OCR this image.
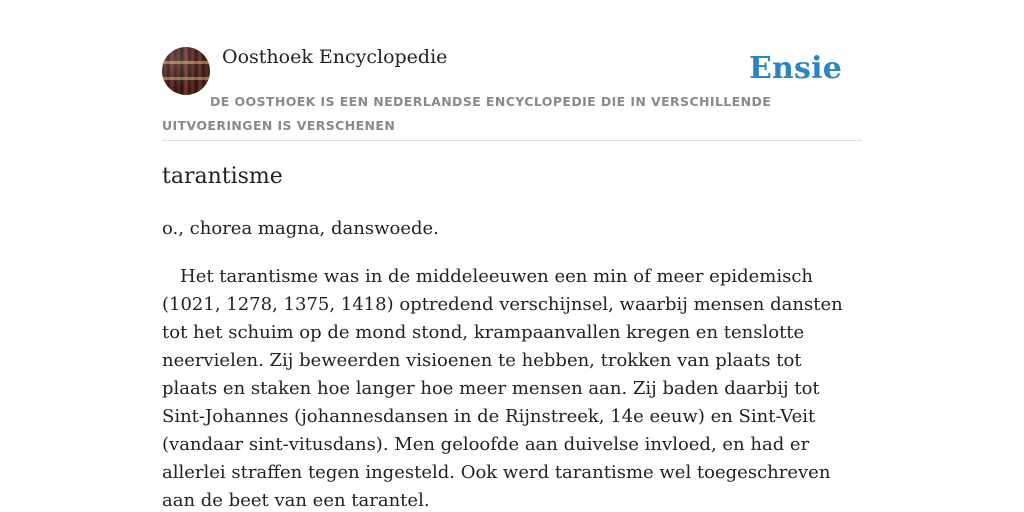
Oosthoek Encyclopedie	Ensie
DE OOSTHOEK IS EEN NEDERLANDSE ENCYCLOPEDIE DIE IN VERSCHILLENDE UITVOERINGEN IS VERSCHENEN
tarantisme

o., chorea magna, danswoede.

Het tarantisme was in de middeleeuwen een min of meer epidemisch (1021, 1278, 1375, 1418) optredend verschijnsel, waarbij mensen dansten tot het schuim op de mond stond, krampaanvallen kregen en tenslotte neervielen. Zij beweerden visioenen te hebben, trokken van plaats tot plaats en staken hoe langer hoe meer mensen aan. Zij baden daarbij tot Sint-Johannes (johannesdansen in de Rijnstreek, 14e eeuw) en Sint-Veit (vandaar sint-vitusdans). Men geloofde aan duivelse invloed, en had er allerlei straffen tegen ingesteld. Ook werd tarantisme wel toegeschreven aan de beet van een tarantel.
